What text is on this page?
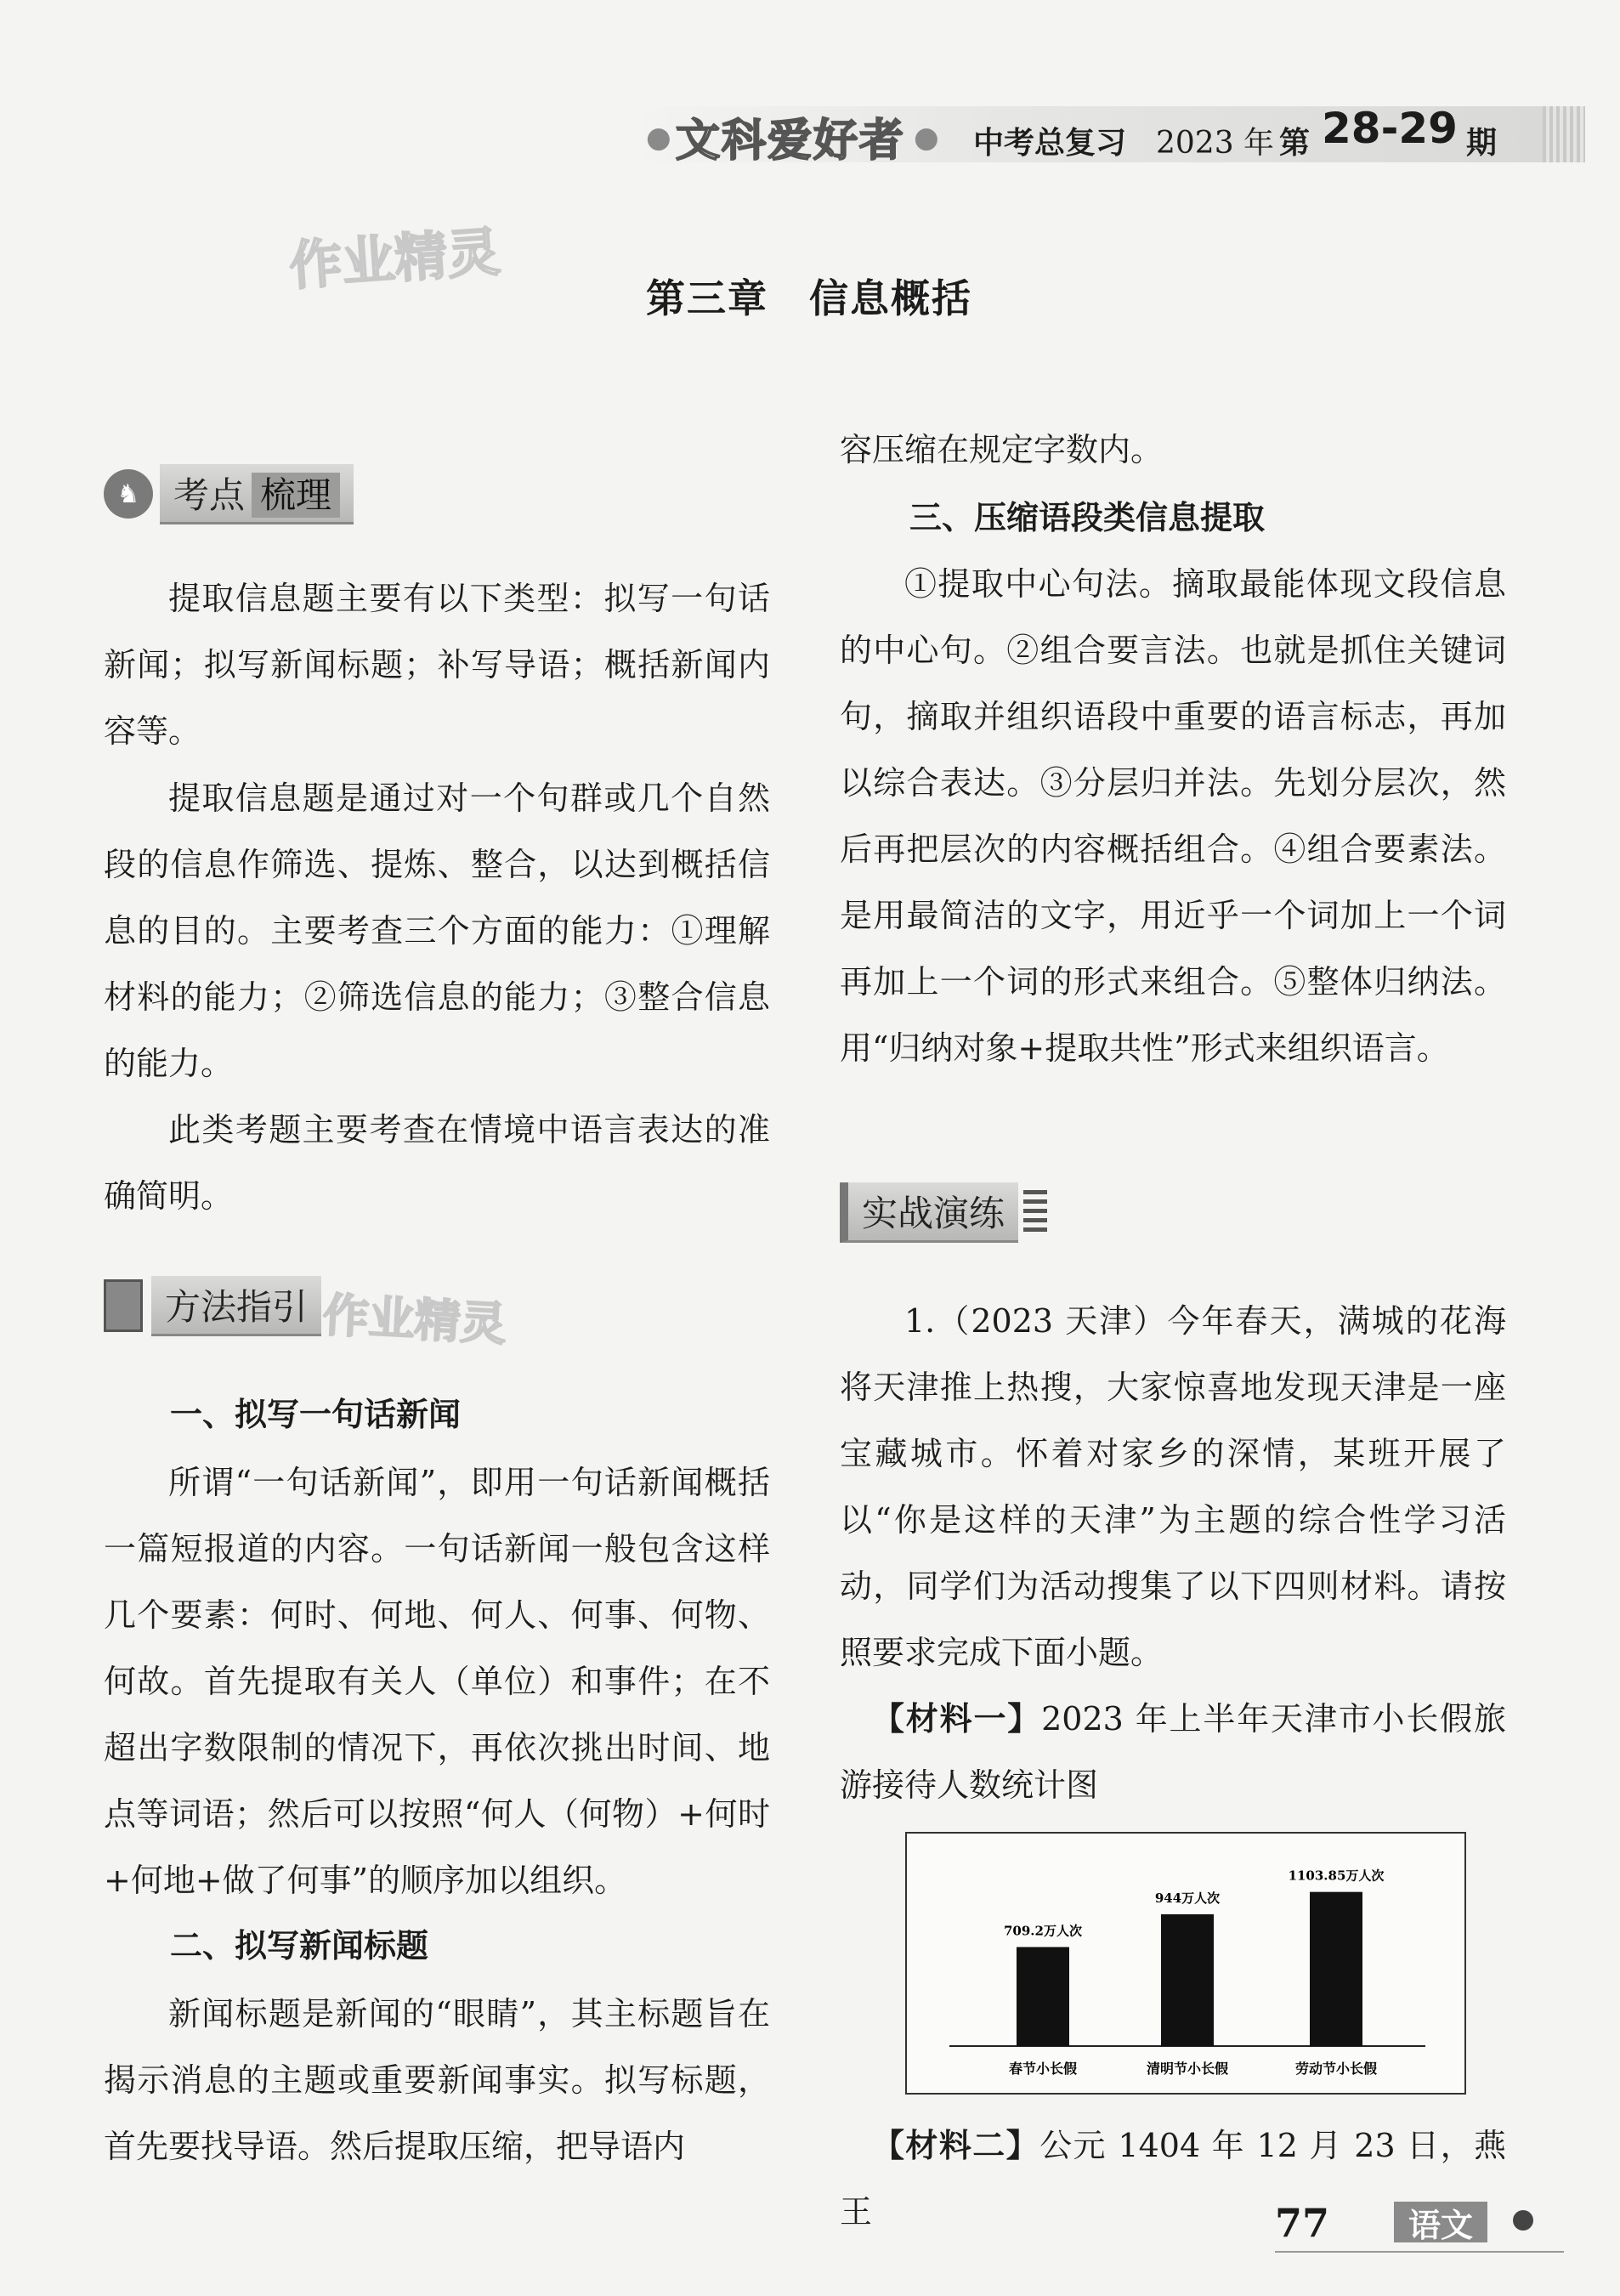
● 文科爱好者 ● 中考总复习 2023 年 第 28-29 期
作业精灵
第三章　信息概括
♞ 考点 梳理

提取信息题主要有以下类型：拟写一句话新闻；拟写新闻标题；补写导语；概括新闻内容等。

提取信息题是通过对一个句群或几个自然段的信息作筛选、提炼、整合，以达到概括信息的目的。主要考查三个方面的能力：①理解材料的能力；②筛选信息的能力；③整合信息的能力。

此类考题主要考查在情境中语言表达的准确简明。

方法指引 作业精灵

一、拟写一句话新闻

所谓“一句话新闻”，即用一句话新闻概括一篇短报道的内容。一句话新闻一般包含这样几个要素：何时、何地、何人、何事、何物、何故。首先提取有关人（单位）和事件；在不超出字数限制的情况下，再依次挑出时间、地点等词语；然后可以按照“何人（何物）+何时+何地+做了何事”的顺序加以组织。

二、拟写新闻标题

新闻标题是新闻的“眼睛”，其主标题旨在揭示消息的主题或重要新闻事实。拟写标题，首先要找导语。然后提取压缩，把导语内

容压缩在规定字数内。

三、压缩语段类信息提取

①提取中心句法。摘取最能体现文段信息的中心句。②组合要言法。也就是抓住关键词句，摘取并组织语段中重要的语言标志，再加以综合表达。③分层归并法。先划分层次，然后再把层次的内容概括组合。④组合要素法。是用最简洁的文字，用近乎一个词加上一个词再加上一个词的形式来组合。⑤整体归纳法。用“归纳对象+提取共性”形式来组织语言。

实战演练

1.（2023 天津）今年春天，满城的花海将天津推上热搜，大家惊喜地发现天津是一座宝藏城市。怀着对家乡的深情，某班开展了以“你是这样的天津”为主题的综合性学习活动，同学们为活动搜集了以下四则材料。请按照要求完成下面小题。

【材料一】2023 年上半年天津市小长假旅游接待人数统计图

709.2万人次
春节小长假
944万人次
清明节小长假
1103.85万人次
劳动节小长假

【材料二】公元 1404 年 12 月 23 日，燕王	77	语文
